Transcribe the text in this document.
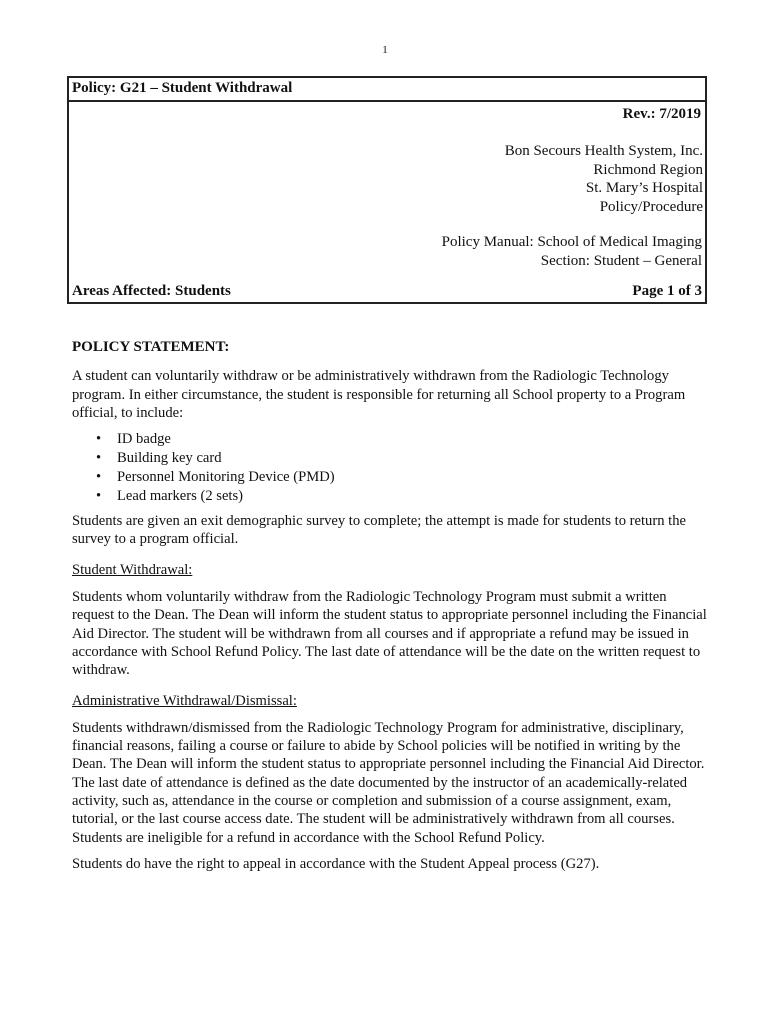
1
Policy: G21 – Student Withdrawal
Rev.: 7/2019
Bon Secours Health System, Inc.
Richmond Region
St. Mary’s Hospital
Policy/Procedure
Policy Manual: School of Medical Imaging
Section: Student – General
Areas Affected: Students	Page 1 of 3
POLICY STATEMENT:

A student can voluntarily withdraw or be administratively withdrawn from the Radiologic Technology program. In either circumstance, the student is responsible for returning all School property to a Program official, to include:

• ID badge
• Building key card
• Personnel Monitoring Device (PMD)
• Lead markers (2 sets)

Students are given an exit demographic survey to complete; the attempt is made for students to return the survey to a program official.

Student Withdrawal:

Students whom voluntarily withdraw from the Radiologic Technology Program must submit a written request to the Dean. The Dean will inform the student status to appropriate personnel including the Financial Aid Director. The student will be withdrawn from all courses and if appropriate a refund may be issued in accordance with School Refund Policy. The last date of attendance will be the date on the written request to withdraw.

Administrative Withdrawal/Dismissal:

Students withdrawn/dismissed from the Radiologic Technology Program for administrative, disciplinary, financial reasons, failing a course or failure to abide by School policies will be notified in writing by the Dean. The Dean will inform the student status to appropriate personnel including the Financial Aid Director. The last date of attendance is defined as the date documented by the instructor of an academically-related activity, such as, attendance in the course or completion and submission of a course assignment, exam, tutorial, or the last course access date. The student will be administratively withdrawn from all courses. Students are ineligible for a refund in accordance with the School Refund Policy.

Students do have the right to appeal in accordance with the Student Appeal process (G27).
